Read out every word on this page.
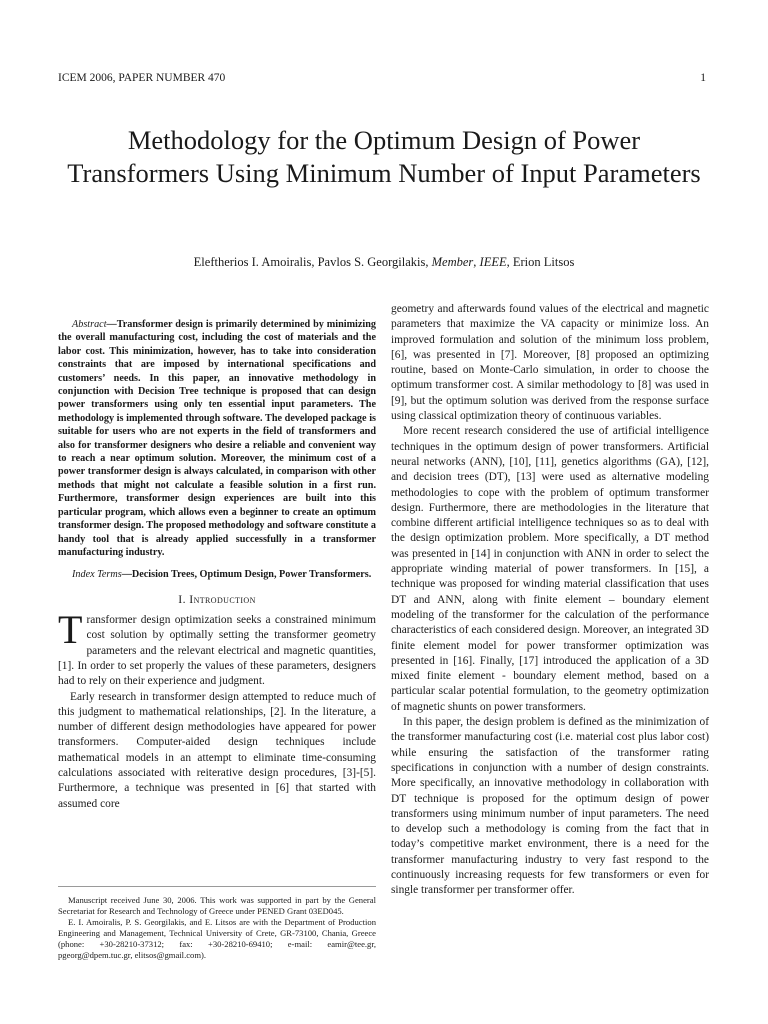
ICEM 2006, PAPER NUMBER 470	1
Methodology for the Optimum Design of Power Transformers Using Minimum Number of Input Parameters
Eleftherios I. Amoiralis, Pavlos S. Georgilakis, Member, IEEE, Erion Litsos

Abstract—Transformer design is primarily determined by minimizing the overall manufacturing cost, including the cost of materials and the labor cost. This minimization, however, has to take into consideration constraints that are imposed by international specifications and customers’ needs. In this paper, an innovative methodology in conjunction with Decision Tree technique is proposed that can design power transformers using only ten essential input parameters. The methodology is implemented through software. The developed package is suitable for users who are not experts in the field of transformers and also for transformer designers who desire a reliable and convenient way to reach a near optimum solution. Moreover, the minimum cost of a power transformer design is always calculated, in comparison with other methods that might not calculate a feasible solution in a first run. Furthermore, transformer design experiences are built into this particular program, which allows even a beginner to create an optimum transformer design. The proposed methodology and software constitute a handy tool that is already applied successfully in a transformer manufacturing industry.

Index Terms—Decision Trees, Optimum Design, Power Transformers.

I. Introduction

Transformer design optimization seeks a constrained minimum cost solution by optimally setting the transformer geometry parameters and the relevant electrical and magnetic quantities, [1]. In order to set properly the values of these parameters, designers had to rely on their experience and judgment.

Early research in transformer design attempted to reduce much of this judgment to mathematical relationships, [2]. In the literature, a number of different design methodologies have appeared for power transformers. Computer-aided design techniques include mathematical models in an attempt to eliminate time-consuming calculations associated with reiterative design procedures, [3]-[5]. Furthermore, a technique was presented in [6] that started with assumed core

geometry and afterwards found values of the electrical and magnetic parameters that maximize the VA capacity or minimize loss. An improved formulation and solution of the minimum loss problem, [6], was presented in [7]. Moreover, [8] proposed an optimizing routine, based on Monte-Carlo simulation, in order to choose the optimum transformer cost. A similar methodology to [8] was used in [9], but the optimum solution was derived from the response surface using classical optimization theory of continuous variables.

More recent research considered the use of artificial intelligence techniques in the optimum design of power transformers. Artificial neural networks (ANN), [10], [11], genetics algorithms (GA), [12], and decision trees (DT), [13] were used as alternative modeling methodologies to cope with the problem of optimum transformer design. Furthermore, there are methodologies in the literature that combine different artificial intelligence techniques so as to deal with the design optimization problem. More specifically, a DT method was presented in [14] in conjunction with ANN in order to select the appropriate winding material of power transformers. In [15], a technique was proposed for winding material classification that uses DT and ANN, along with finite element – boundary element modeling of the transformer for the calculation of the performance characteristics of each considered design. Moreover, an integrated 3D finite element model for power transformer optimization was presented in [16]. Finally, [17] introduced the application of a 3D mixed finite element - boundary element method, based on a particular scalar potential formulation, to the geometry optimization of magnetic shunts on power transformers.

In this paper, the design problem is defined as the minimization of the transformer manufacturing cost (i.e. material cost plus labor cost) while ensuring the satisfaction of the transformer rating specifications in conjunction with a number of design constraints. More specifically, an innovative methodology in collaboration with DT technique is proposed for the optimum design of power transformers using minimum number of input parameters. The need to develop such a methodology is coming from the fact that in today’s competitive market environment, there is a need for the transformer manufacturing industry to very fast respond to the continuously increasing requests for few transformers or even for single transformer per transformer offer.

Manuscript received June 30, 2006. This work was supported in part by the General Secretariat for Research and Technology of Greece under PENED Grant 03ED045.

E. I. Amoiralis, P. S. Georgilakis, and E. Litsos are with the Department of Production Engineering and Management, Technical University of Crete, GR-73100, Chania, Greece (phone: +30-28210-37312; fax: +30-28210-69410; e-mail: eamir@tee.gr, pgeorg@dpem.tuc.gr, elitsos@gmail.com).
